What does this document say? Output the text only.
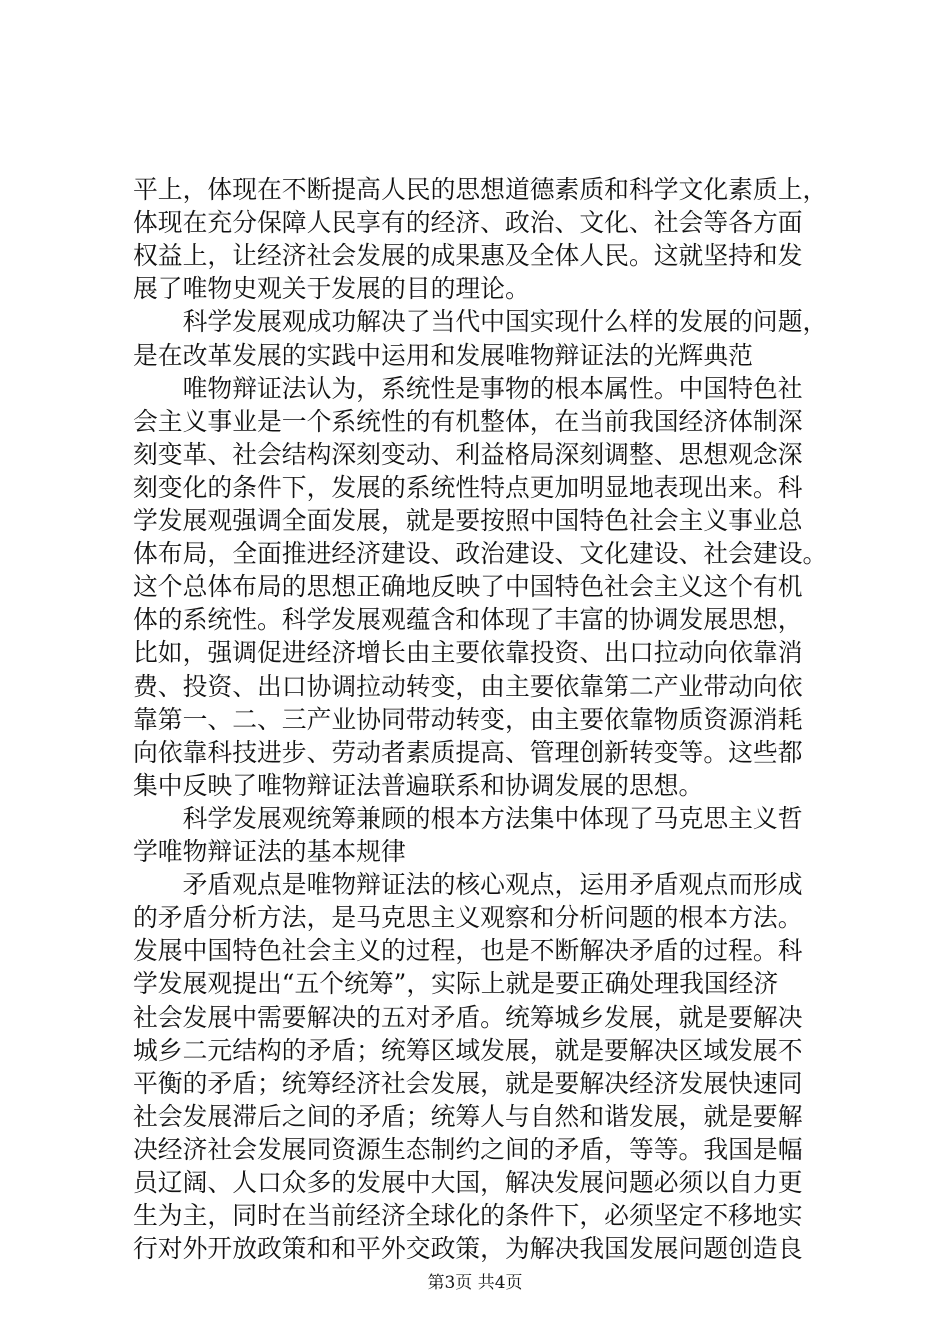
平上，体现在不断提高人民的思想道德素质和科学文化素质上，
体现在充分保障人民享有的经济、政治、文化、社会等各方面
权益上，让经济社会发展的成果惠及全体人民。这就坚持和发
展了唯物史观关于发展的目的理论。
　　科学发展观成功解决了当代中国实现什么样的发展的问题，
是在改革发展的实践中运用和发展唯物辩证法的光辉典范
　　唯物辩证法认为，系统性是事物的根本属性。中国特色社
会主义事业是一个系统性的有机整体，在当前我国经济体制深
刻变革、社会结构深刻变动、利益格局深刻调整、思想观念深
刻变化的条件下，发展的系统性特点更加明显地表现出来。科
学发展观强调全面发展，就是要按照中国特色社会主义事业总
体布局，全面推进经济建设、政治建设、文化建设、社会建设。
这个总体布局的思想正确地反映了中国特色社会主义这个有机
体的系统性。科学发展观蕴含和体现了丰富的协调发展思想，
比如，强调促进经济增长由主要依靠投资、出口拉动向依靠消
费、投资、出口协调拉动转变，由主要依靠第二产业带动向依
靠第一、二、三产业协同带动转变，由主要依靠物质资源消耗
向依靠科技进步、劳动者素质提高、管理创新转变等。这些都
集中反映了唯物辩证法普遍联系和协调发展的思想。
　　科学发展观统筹兼顾的根本方法集中体现了马克思主义哲
学唯物辩证法的基本规律
　　矛盾观点是唯物辩证法的核心观点，运用矛盾观点而形成
的矛盾分析方法，是马克思主义观察和分析问题的根本方法。
发展中国特色社会主义的过程，也是不断解决矛盾的过程。科
学发展观提出“五个统筹”，实际上就是要正确处理我国经济
社会发展中需要解决的五对矛盾。统筹城乡发展，就是要解决
城乡二元结构的矛盾；统筹区域发展，就是要解决区域发展不
平衡的矛盾；统筹经济社会发展，就是要解决经济发展快速同
社会发展滞后之间的矛盾；统筹人与自然和谐发展，就是要解
决经济社会发展同资源生态制约之间的矛盾，等等。我国是幅
员辽阔、人口众多的发展中大国，解决发展问题必须以自力更
生为主，同时在当前经济全球化的条件下，必须坚定不移地实
行对外开放政策和和平外交政策，为解决我国发展问题创造良
第3页 共4页
